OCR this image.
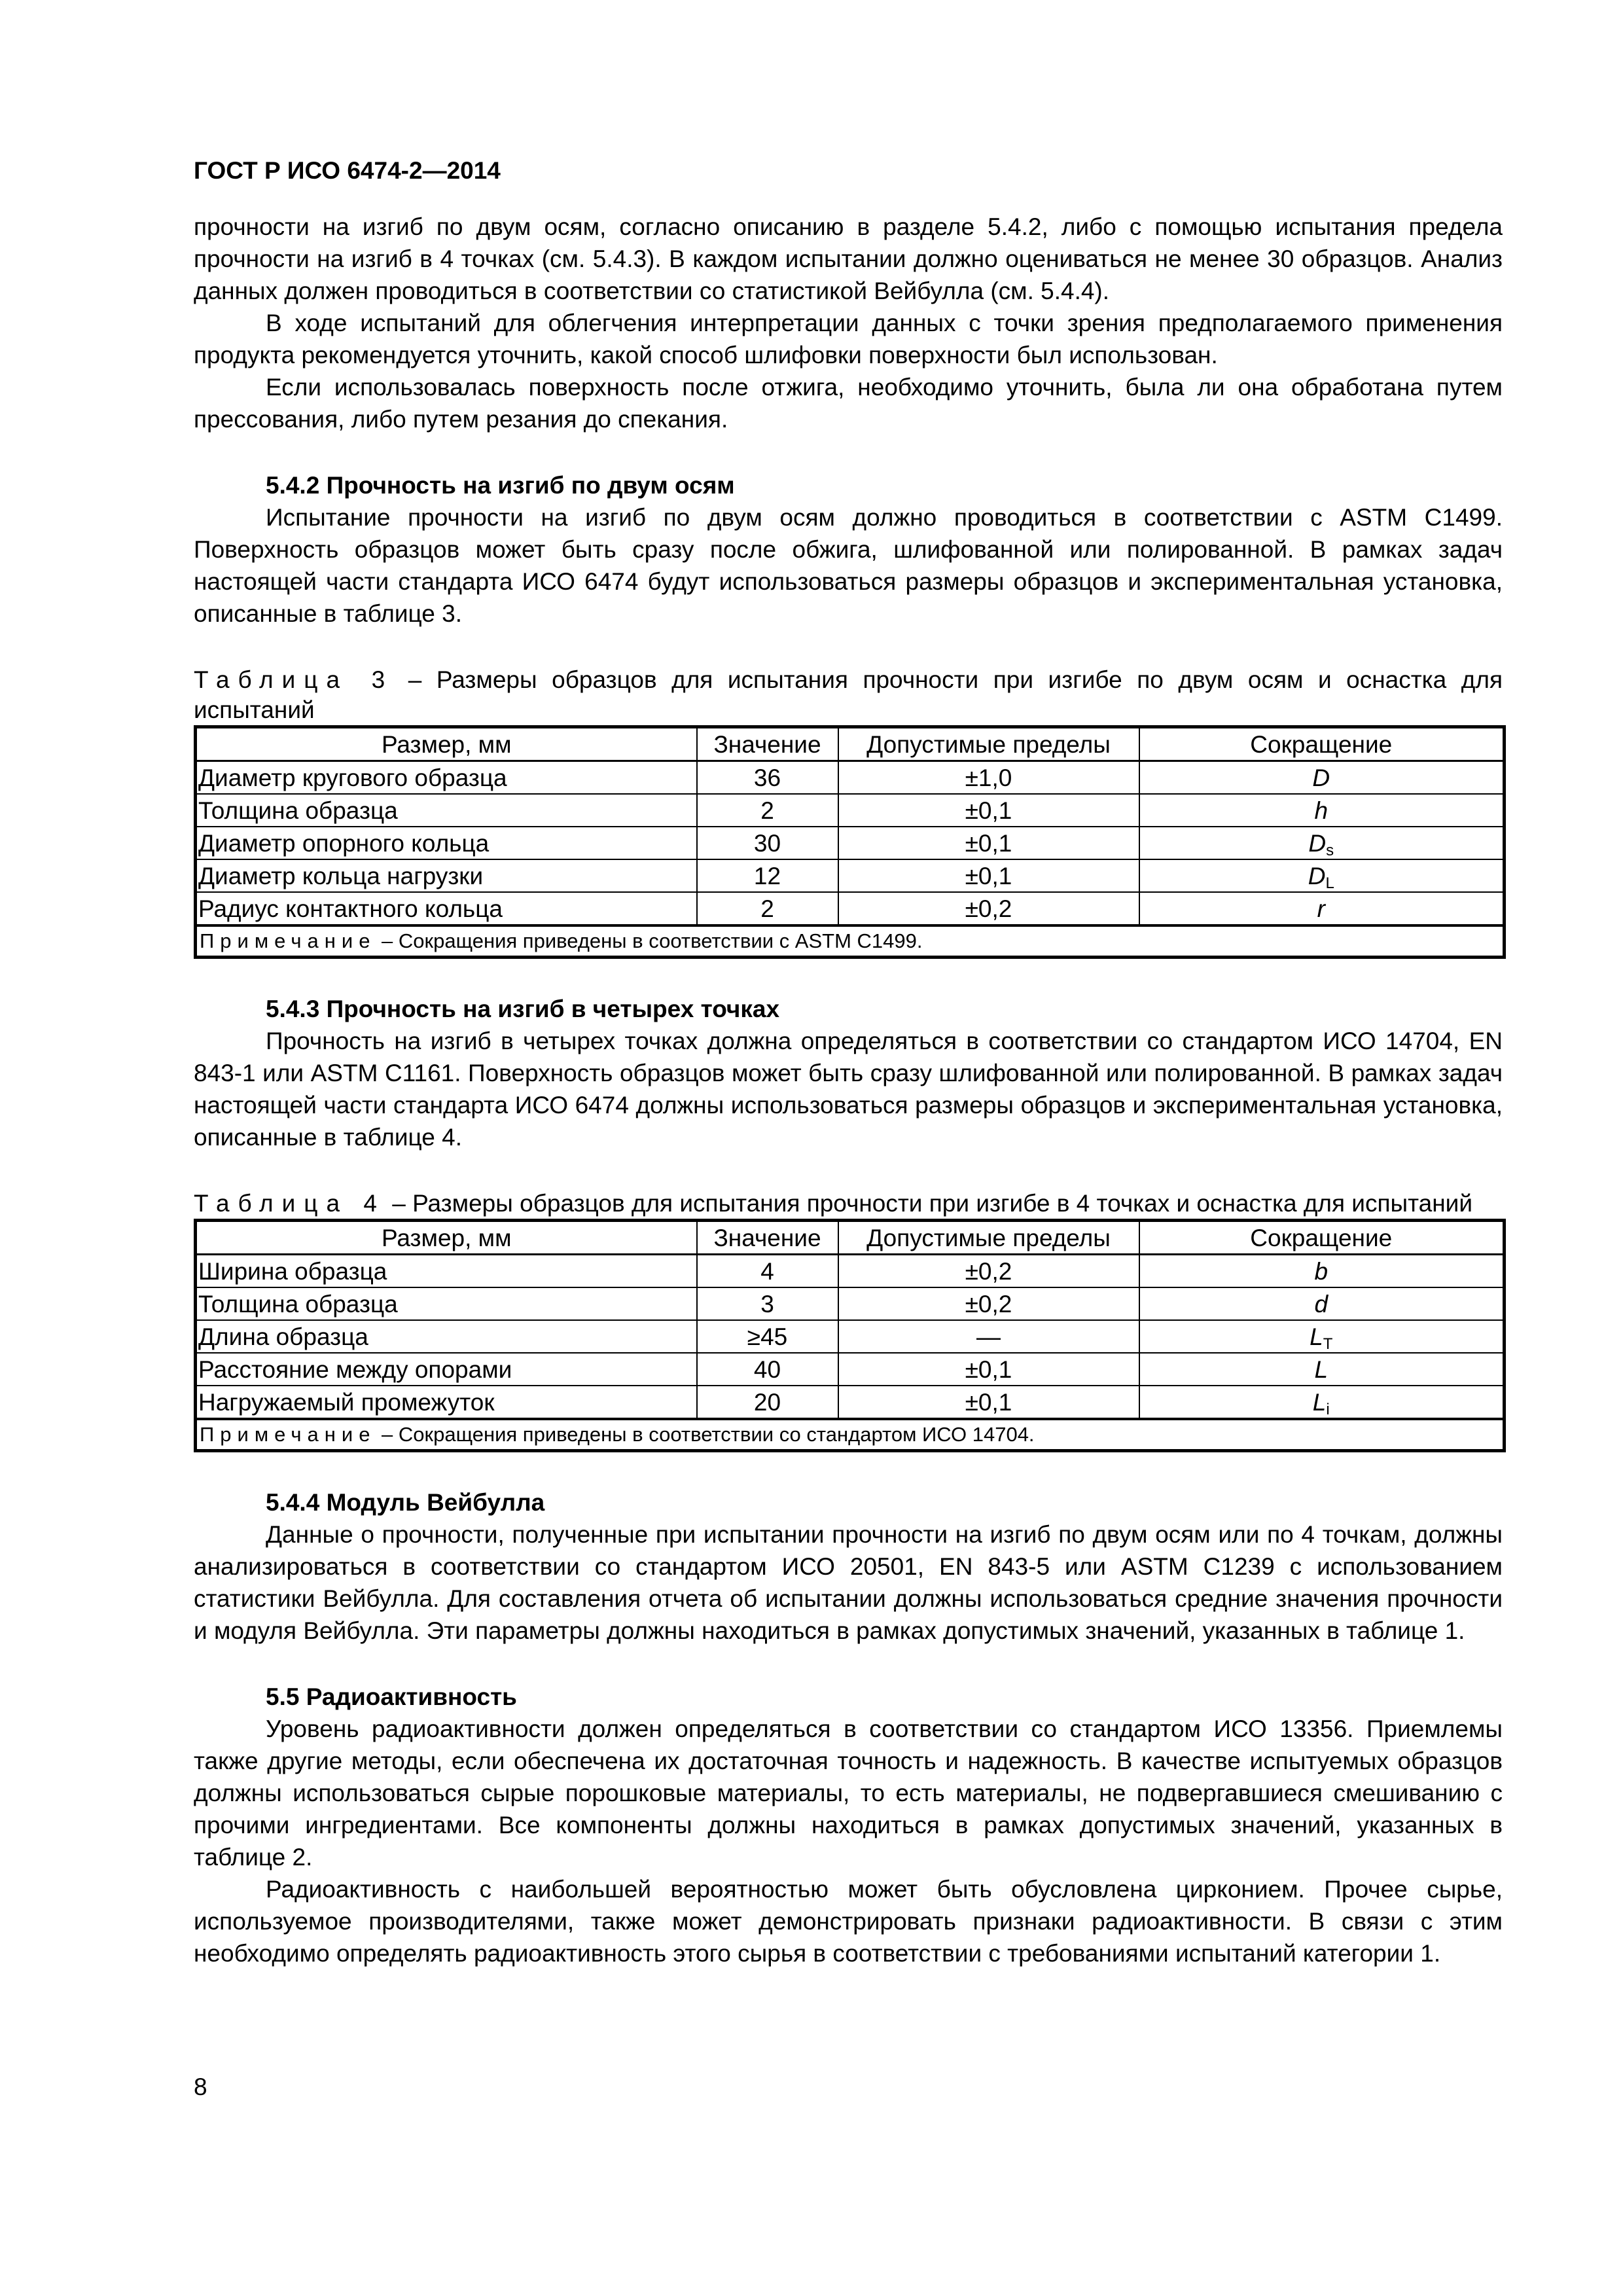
ГОСТ Р ИСО 6474-2—2014

прочности на изгиб по двум осям, согласно описанию в разделе 5.4.2, либо с помощью испытания предела прочности на изгиб в 4 точках (см. 5.4.3). В каждом испытании должно оцениваться не менее 30 образцов. Анализ данных должен проводиться в соответствии со статистикой Вейбулла (см. 5.4.4).

В ходе испытаний для облегчения интерпретации данных с точки зрения предполагаемого применения продукта рекомендуется уточнить, какой способ шлифовки поверхности был использован.

Если использовалась поверхность после отжига, необходимо уточнить, была ли она обработана путем прессования, либо путем резания до спекания.

5.4.2 Прочность на изгиб по двум осям

Испытание прочности на изгиб по двум осям должно проводиться в соответствии с ASTM C1499. Поверхность образцов может быть сразу после обжига, шлифованной или полированной. В рамках задач настоящей части стандарта ИСО 6474 будут использоваться размеры образцов и экспериментальная установка, описанные в таблице 3.

Таблица 3 – Размеры образцов для испытания прочности при изгибе по двум осям и оснастка для испытаний
Размер, мм	Значение	Допустимые пределы	Сокращение
Диаметр кругового образца	36	±1,0	D
Толщина образца	2	±0,1	h
Диаметр опорного кольца	30	±0,1	$D_s$
Диаметр кольца нагрузки	12	±0,1	$D_L$
Радиус контактного кольца	2	±0,2	r
Примечание – Сокращения приведены в соответствии с ASTM C1499.			
5.4.3 Прочность на изгиб в четырех точках

Прочность на изгиб в четырех точках должна определяться в соответствии со стандартом ИСО 14704, EN 843-1 или ASTM C1161. Поверхность образцов может быть сразу шлифованной или полированной. В рамках задач настоящей части стандарта ИСО 6474 должны использоваться размеры образцов и экспериментальная установка, описанные в таблице 4.

Таблица 4 – Размеры образцов для испытания прочности при изгибе в 4 точках и оснастка для испытаний
Размер, мм	Значение	Допустимые пределы	Сокращение
Ширина образца	4	±0,2	b
Толщина образца	3	±0,2	d
Длина образца	≥45	—	$L_T$
Расстояние между опорами	40	±0,1	L
Нагружаемый промежуток	20	±0,1	$L_i$
Примечание – Сокращения приведены в соответствии со стандартом ИСО 14704.			
5.4.4 Модуль Вейбулла

Данные о прочности, полученные при испытании прочности на изгиб по двум осям или по 4 точкам, должны анализироваться в соответствии со стандартом ИСО 20501, EN 843-5 или ASTM C1239 с использованием статистики Вейбулла. Для составления отчета об испытании должны использоваться средние значения прочности и модуля Вейбулла. Эти параметры должны находиться в рамках допустимых значений, указанных в таблице 1.

5.5 Радиоактивность

Уровень радиоактивности должен определяться в соответствии со стандартом ИСО 13356. Приемлемы также другие методы, если обеспечена их достаточная точность и надежность. В качестве испытуемых образцов должны использоваться сырые порошковые материалы, то есть материалы, не подвергавшиеся смешиванию с прочими ингредиентами. Все компоненты должны находиться в рамках допустимых значений, указанных в таблице 2.

Радиоактивность с наибольшей вероятностью может быть обусловлена цирконием. Прочее сырье, используемое производителями, также может демонстрировать признаки радиоактивности. В связи с этим необходимо определять радиоактивность этого сырья в соответствии с требованиями испытаний категории 1.

8
